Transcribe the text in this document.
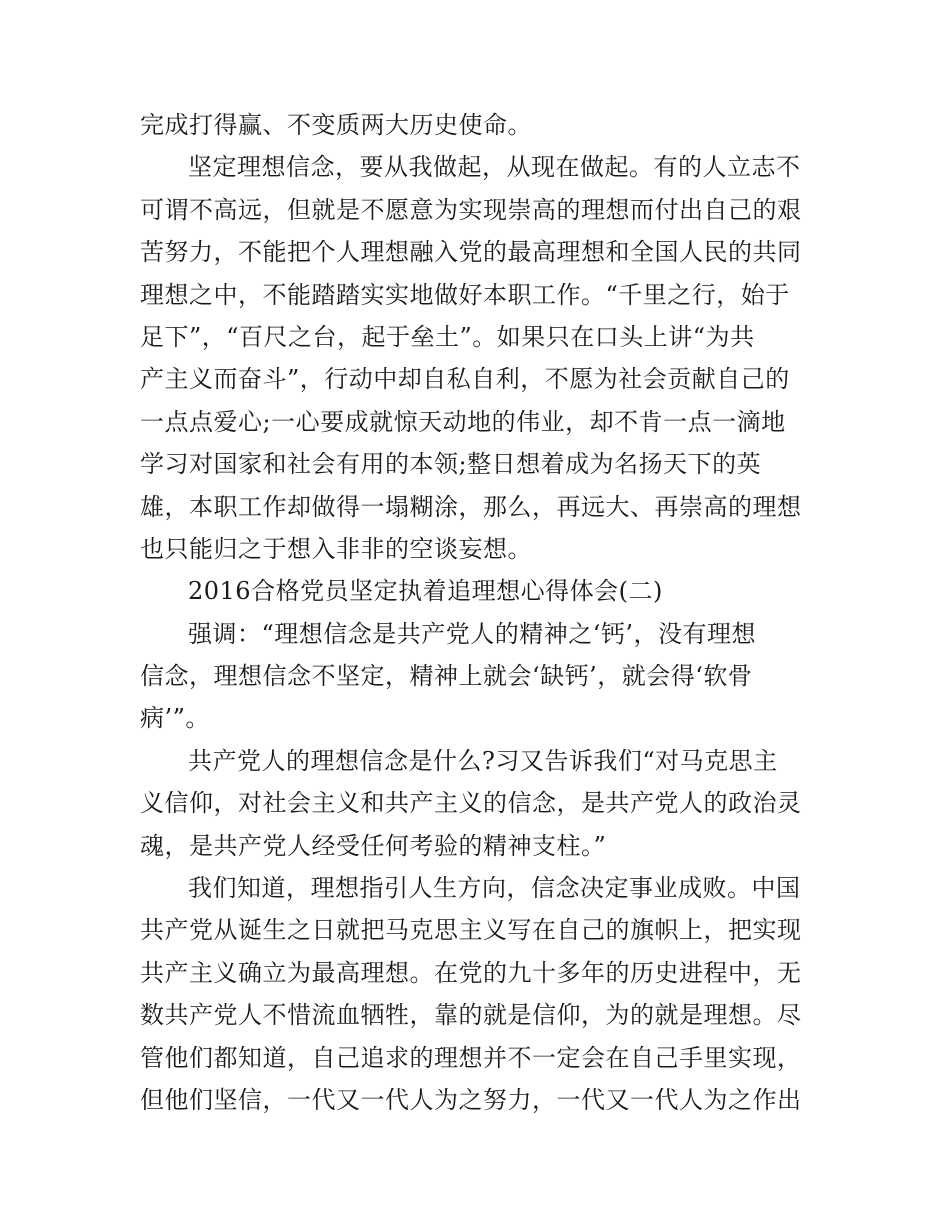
完成打得赢、不变质两大历史使命。
坚定理想信念，要从我做起，从现在做起。有的人立志不
可谓不高远，但就是不愿意为实现崇高的理想而付出自己的艰
苦努力，不能把个人理想融入党的最高理想和全国人民的共同
理想之中，不能踏踏实实地做好本职工作。“千里之行，始于
足下”，“百尺之台，起于垒土”。如果只在口头上讲“为共
产主义而奋斗”，行动中却自私自利，不愿为社会贡献自己的
一点点爱心;一心要成就惊天动地的伟业，却不肯一点一滴地
学习对国家和社会有用的本领;整日想着成为名扬天下的英
雄，本职工作却做得一塌糊涂，那么，再远大、再崇高的理想
也只能归之于想入非非的空谈妄想。
2016合格党员坚定执着追理想心得体会(二)
强调：“理想信念是共产党人的精神之‘钙’，没有理想
信念，理想信念不坚定，精神上就会‘缺钙’，就会得‘软骨
病’”。
共产党人的理想信念是什么?习又告诉我们“对马克思主
义信仰，对社会主义和共产主义的信念，是共产党人的政治灵
魂，是共产党人经受任何考验的精神支柱。”
我们知道，理想指引人生方向，信念决定事业成败。中国
共产党从诞生之日就把马克思主义写在自己的旗帜上，把实现
共产主义确立为最高理想。在党的九十多年的历史进程中，无
数共产党人不惜流血牺牲，靠的就是信仰，为的就是理想。尽
管他们都知道，自己追求的理想并不一定会在自己手里实现，
但他们坚信，一代又一代人为之努力，一代又一代人为之作出
